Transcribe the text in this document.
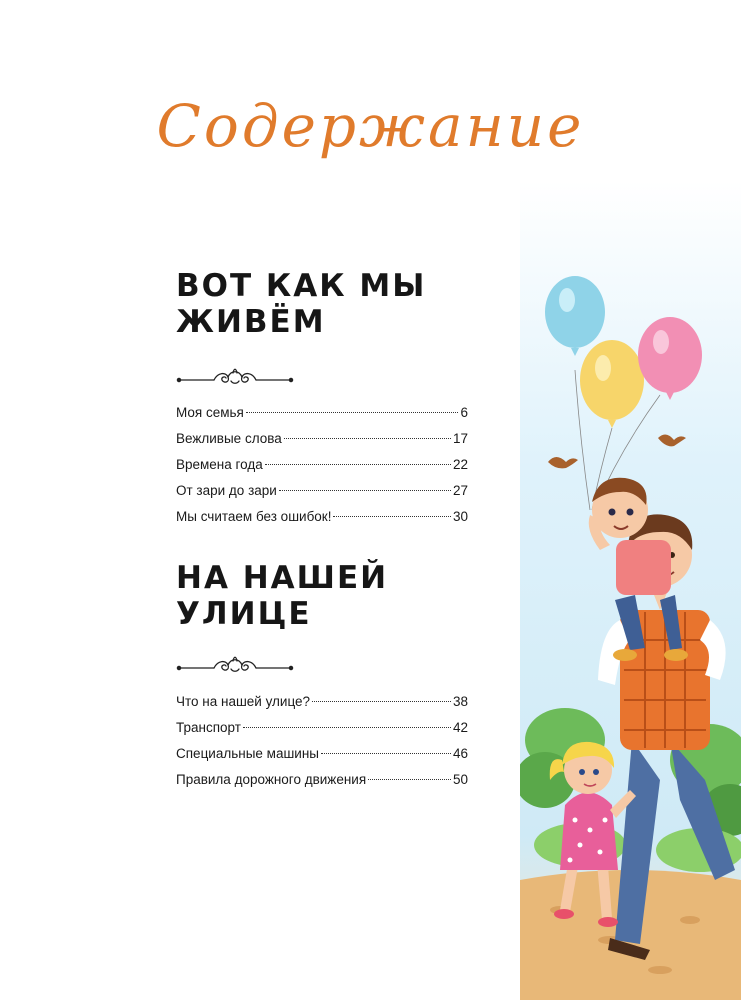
Содержание
ВОТ КАК МЫ ЖИВЁМ
Моя семья	6
Вежливые слова	17
Времена года	22
От зари до зари	27
Мы считаем без ошибок!	30
НА НАШЕЙ УЛИЦЕ
Что на нашей улице?	38
Транспорт	42
Специальные машины	46
Правила дорожного движения	50
